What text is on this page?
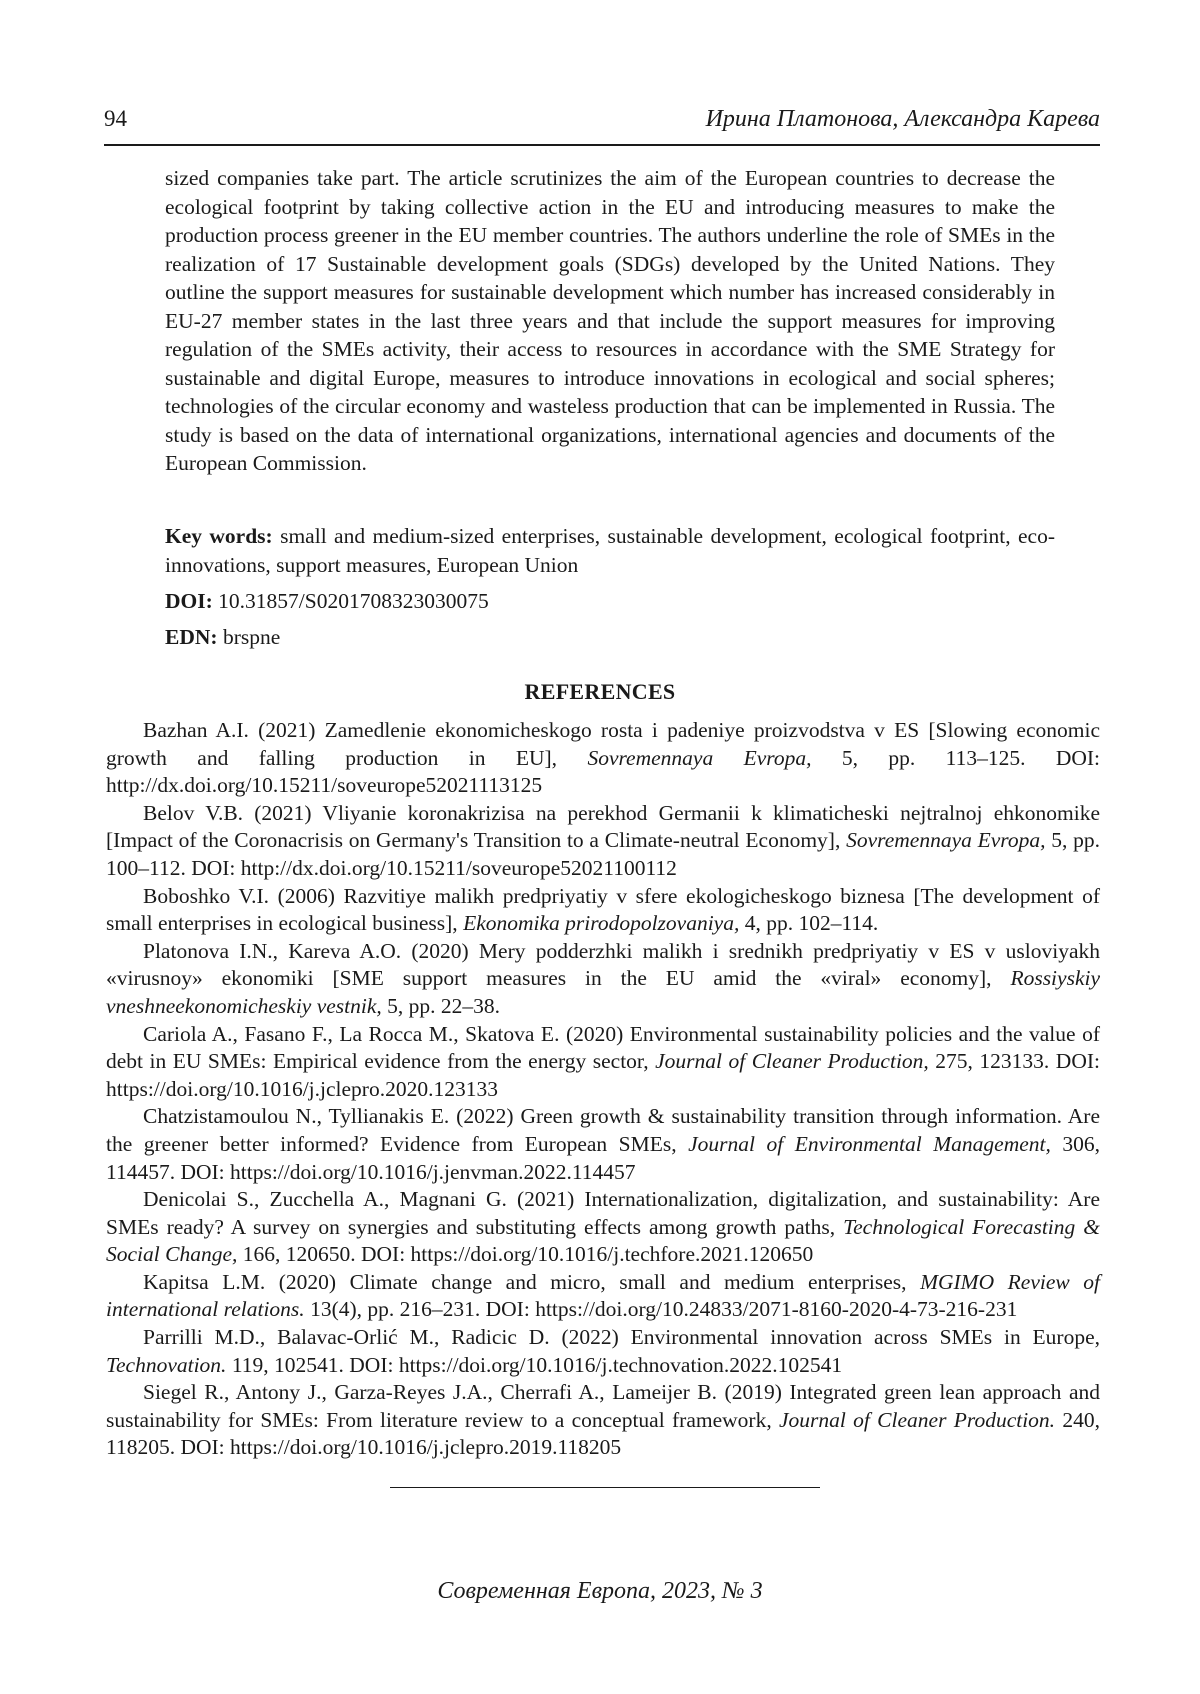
94	Ирина Платонова, Александра Карева

sized companies take part. The article scrutinizes the aim of the European countries to decrease the ecological footprint by taking collective action in the EU and introducing measures to make the production process greener in the EU member countries. The authors underline the role of SMEs in the realization of 17 Sustainable development goals (SDGs) developed by the United Nations. They outline the support measures for sustainable development which number has increased considerably in EU-27 member states in the last three years and that include the support measures for improving regulation of the SMEs activity, their access to resources in accordance with the SME Strategy for sustainable and digital Europe, measures to introduce innovations in ecological and social spheres; technologies of the circular economy and wasteless production that can be implemented in Russia. The study is based on the data of international organizations, international agencies and documents of the European Commission.

Key words: small and medium-sized enterprises, sustainable development, ecological footprint, eco-innovations, support measures, European Union
DOI: 10.31857/S0201708323030075
EDN: brspne
REFERENCES
Bazhan A.I. (2021) Zamedlenie ekonomicheskogo rosta i padeniye proizvodstva v ES [Slowing economic growth and falling production in EU], Sovremennaya Evropa, 5, pp. 113–125. DOI: http://dx.doi.org/10.15211/soveurope52021113125
Belov V.B. (2021) Vliyanie koronakrizisa na perekhod Germanii k klimaticheski nejtralnoj ehkonomike [Impact of the Coronacrisis on Germany's Transition to a Climate-neutral Economy], Sovremennaya Evropa, 5, pp. 100–112. DOI: http://dx.doi.org/10.15211/soveurope52021100112
Boboshko V.I. (2006) Razvitiye malikh predpriyatiy v sfere ekologicheskogo biznesa [The development of small enterprises in ecological business], Ekonomika prirodopolzovaniya, 4, pp. 102–114.
Platonova I.N., Kareva A.O. (2020) Mery podderzhki malikh i srednikh predpriyatiy v ES v usloviyakh «virusnoy» ekonomiki [SME support measures in the EU amid the «viral» economy], Rossiyskiy vneshneekonomicheskiy vestnik, 5, pp. 22–38.
Cariola A., Fasano F., La Rocca M., Skatova E. (2020) Environmental sustainability policies and the value of debt in EU SMEs: Empirical evidence from the energy sector, Journal of Cleaner Production, 275, 123133. DOI: https://doi.org/10.1016/j.jclepro.2020.123133
Chatzistamoulou N., Tyllianakis E. (2022) Green growth & sustainability transition through information. Are the greener better informed? Evidence from European SMEs, Journal of Environmental Management, 306, 114457. DOI: https://doi.org/10.1016/j.jenvman.2022.114457
Denicolai S., Zucchella A., Magnani G. (2021) Internationalization, digitalization, and sustainability: Are SMEs ready? A survey on synergies and substituting effects among growth paths, Technological Forecasting & Social Change, 166, 120650. DOI: https://doi.org/10.1016/j.techfore.2021.120650
Kapitsa L.M. (2020) Climate change and micro, small and medium enterprises, MGIMO Review of international relations. 13(4), pp. 216–231. DOI: https://doi.org/10.24833/2071-8160-2020-4-73-216-231
Parrilli M.D., Balavac-Orlić M., Radicic D. (2022) Environmental innovation across SMEs in Europe, Technovation. 119, 102541. DOI: https://doi.org/10.1016/j.technovation.2022.102541
Siegel R., Antony J., Garza-Reyes J.A., Cherrafi A., Lameijer B. (2019) Integrated green lean approach and sustainability for SMEs: From literature review to a conceptual framework, Journal of Cleaner Production. 240, 118205. DOI: https://doi.org/10.1016/j.jclepro.2019.118205
Современная Европа, 2023, № 3
